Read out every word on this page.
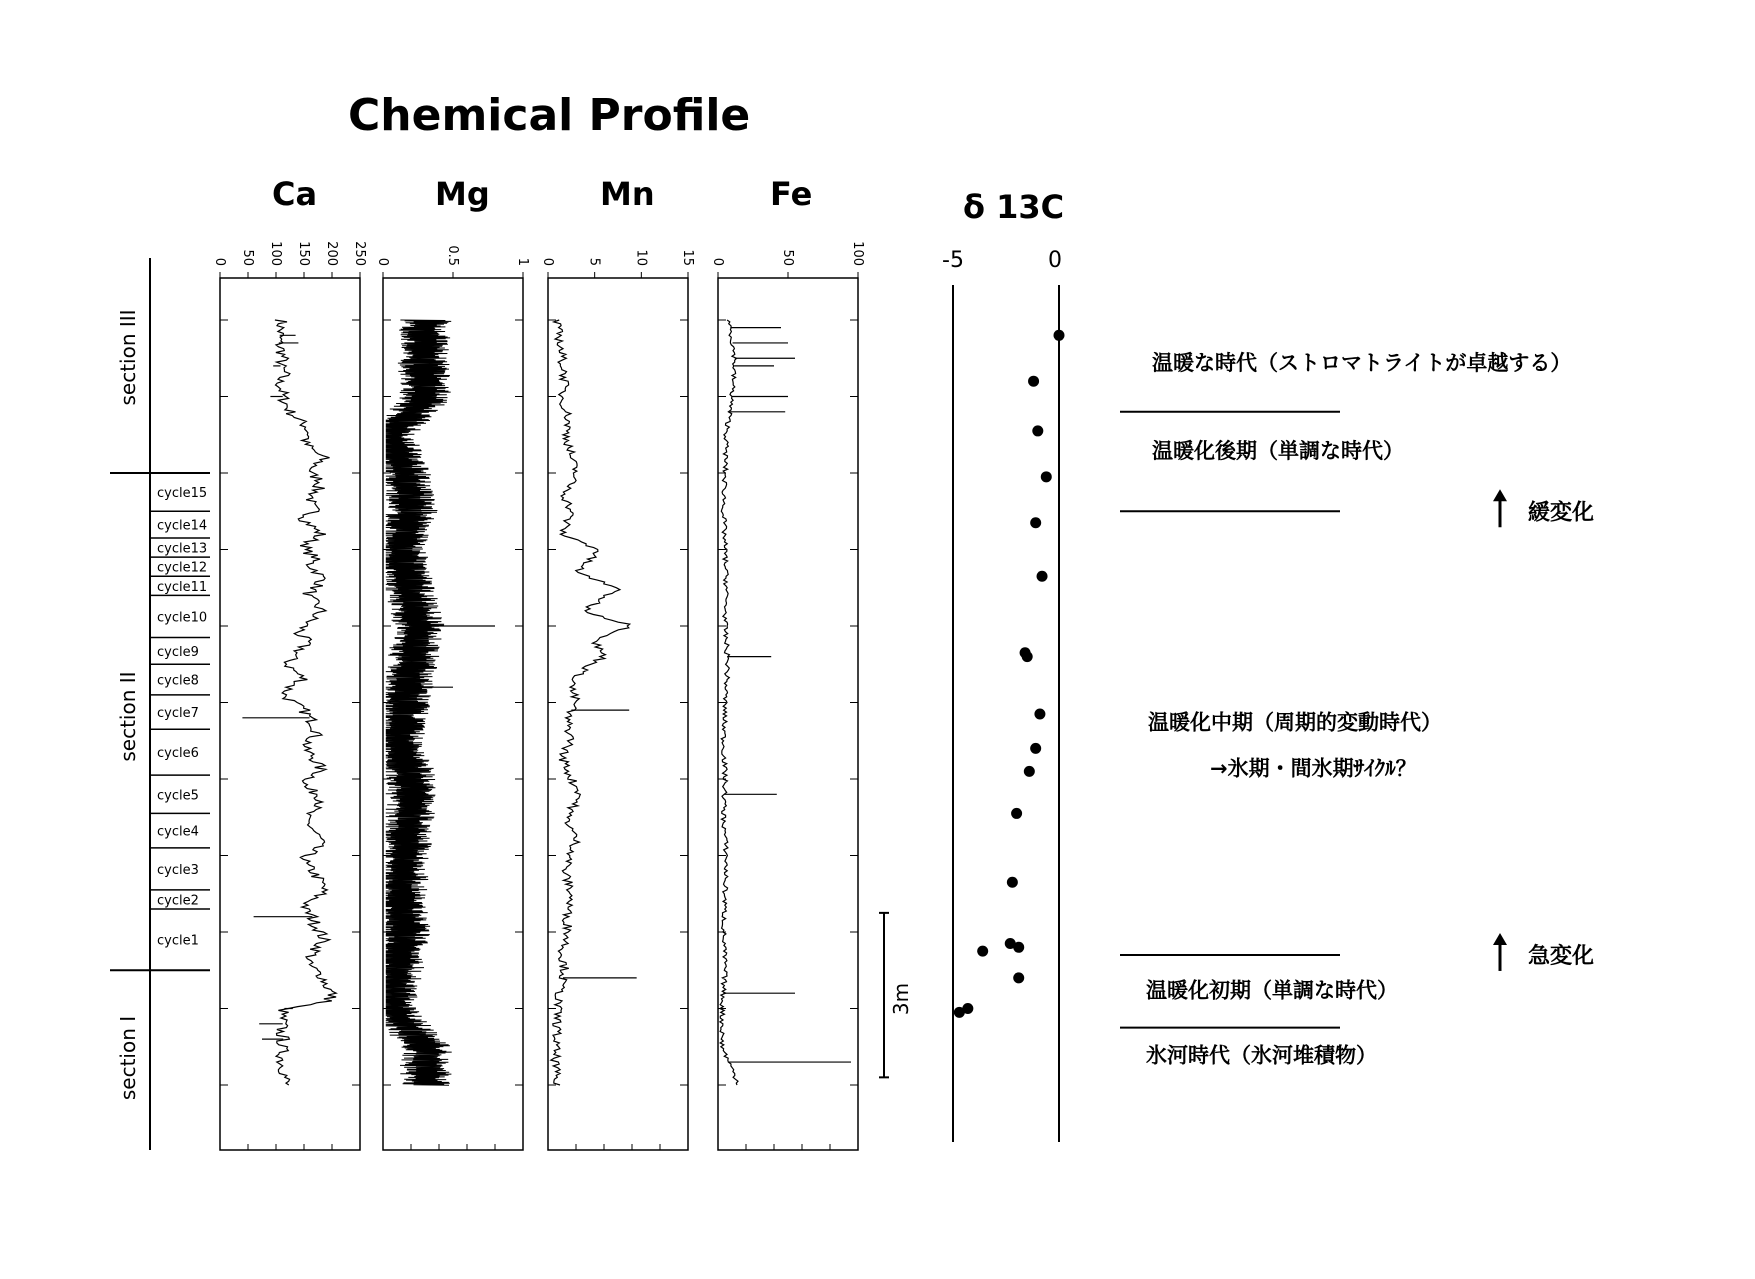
Chemical Profile
section III
section II
section I
cycle15
cycle14
cycle13
cycle12
cycle11
cycle10
cycle9
cycle8
cycle7
cycle6
cycle5
cycle4
cycle3
cycle2
cycle1
Ca
0 50 100 150 200 250
Mg
0	0.5	1
Mn
0 5 10 15
Fe
0	50	100
3m
δ 13C
-5	0
温暖な時代（ストロマトライトが卓越する）
温暖化後期（単調な時代）
温暖化中期（周期的変動時代）
→氷期・間氷期ｻｲｸﾙ？
温暖化初期（単調な時代）
氷河時代（氷河堆積物）
緩変化
急変化
